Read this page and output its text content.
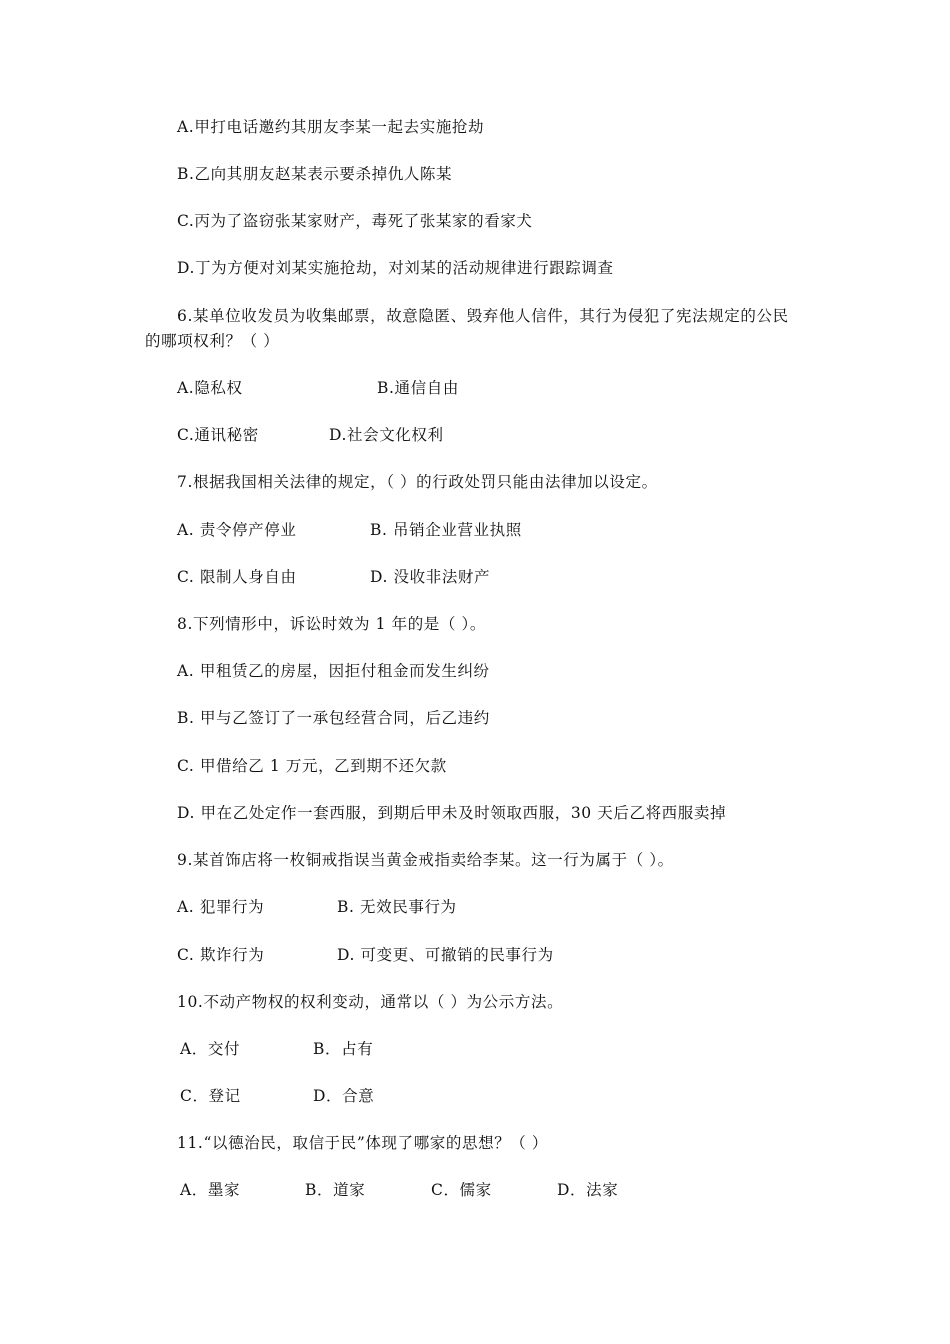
A.甲打电话邀约其朋友李某一起去实施抢劫
B.乙向其朋友赵某表示要杀掉仇人陈某
C.丙为了盗窃张某家财产，毒死了张某家的看家犬
D.丁为方便对刘某实施抢劫，对刘某的活动规律进行跟踪调查
6.某单位收发员为收集邮票，故意隐匿、毁弃他人信件，其行为侵犯了宪法规定的公民
的哪项权利？（ ）
A.隐私权	B.通信自由
C.通讯秘密	D.社会文化权利
7.根据我国相关法律的规定，（ ）的行政处罚只能由法律加以设定。
A. 责令停产停业	B. 吊销企业营业执照
C. 限制人身自由	D. 没收非法财产
8.下列情形中，诉讼时效为 1 年的是（ ）。
A. 甲租赁乙的房屋，因拒付租金而发生纠纷
B. 甲与乙签订了一承包经营合同，后乙违约
C. 甲借给乙 1 万元，乙到期不还欠款
D. 甲在乙处定作一套西服，到期后甲未及时领取西服，30 天后乙将西服卖掉
9.某首饰店将一枚铜戒指误当黄金戒指卖给李某。这一行为属于（ ）。
A. 犯罪行为	B. 无效民事行为
C. 欺诈行为	D. 可变更、可撤销的民事行为
10.不动产物权的权利变动，通常以（ ）为公示方法。
A．交付	B．占有
C．登记	D．合意
11.“以德治民，取信于民”体现了哪家的思想？（ ）
A．墨家	B．道家	C．儒家	D．法家
